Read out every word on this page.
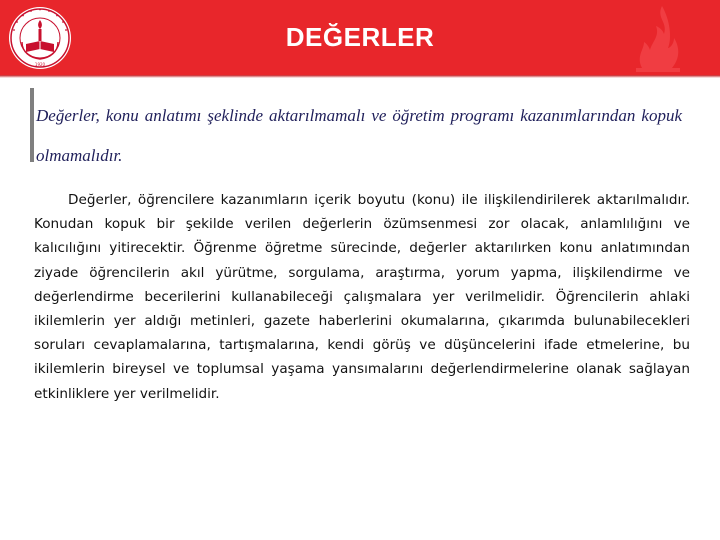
1920
DEĞERLER

Değerler, konu anlatımı şeklinde aktarılmamalı ve öğretim programı kazanımlarından kopuk olmamalıdır.

Değerler, öğrencilere kazanımların içerik boyutu (konu) ile ilişkilendirilerek aktarılmalıdır. Konudan kopuk bir şekilde verilen değerlerin özümsenmesi zor olacak, anlamlılığını ve kalıcılığını yitirecektir. Öğrenme öğretme sürecinde, değerler aktarılırken konu anlatımından ziyade öğrencilerin akıl yürütme, sorgulama, araştırma, yorum yapma, ilişkilendirme ve değerlendirme becerilerini kullanabileceği çalışmalara yer verilmelidir. Öğrencilerin ahlaki ikilemlerin yer aldığı metinleri, gazete haberlerini okumalarına, çıkarımda bulunabilecekleri soruları cevaplamalarına, tartışmalarına, kendi görüş ve düşüncelerini ifade etmelerine, bu ikilemlerin bireysel ve toplumsal yaşama yansımalarını değerlendirmelerine olanak sağlayan etkinliklere yer verilmelidir.
